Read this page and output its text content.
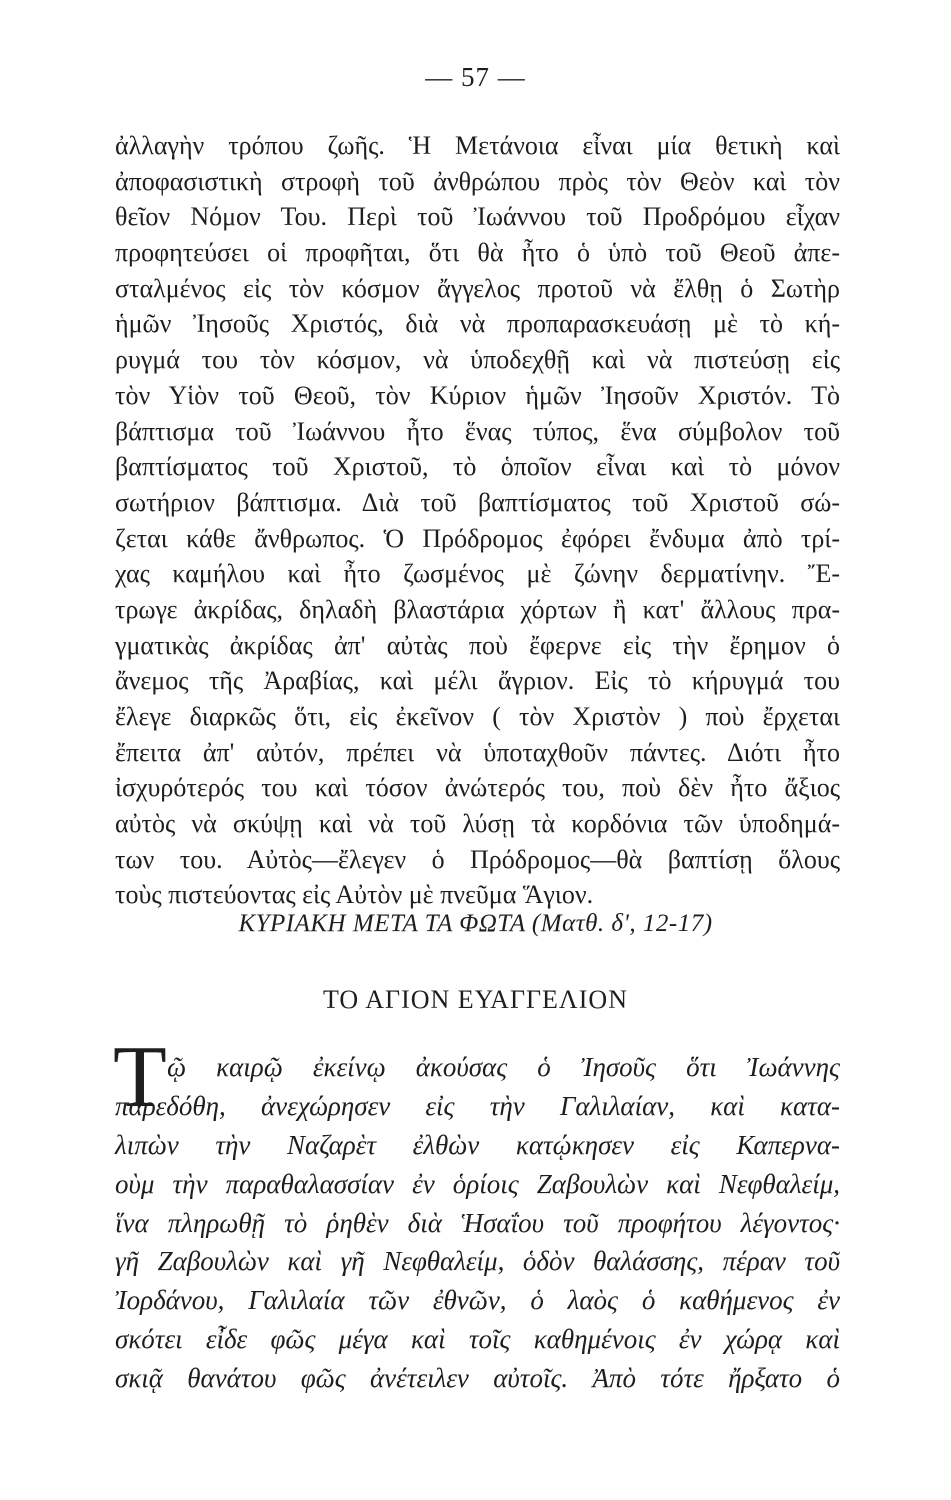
— 57 —
ἀλλαγὴν τρόπου ζωῆς. Ἡ Μετάνοια εἶναι μία θετικὴ καὶ
ἀποφασιστικὴ στροφὴ τοῦ ἀνθρώπου πρὸς τὸν Θεὸν καὶ τὸν
θεῖον Νόμον Του. Περὶ τοῦ Ἰωάννου τοῦ Προδρόμου εἶχαν
προφητεύσει οἱ προφῆται, ὅτι θὰ ἦτο ὁ ὑπὸ τοῦ Θεοῦ ἀπε-
σταλμένος εἰς τὸν κόσμον ἄγγελος προτοῦ νὰ ἔλθῃ ὁ Σωτὴρ
ἡμῶν Ἰησοῦς Χριστός, διὰ νὰ προπαρασκευάσῃ μὲ τὸ κή-
ρυγμά του τὸν κόσμον, νὰ ὑποδεχθῇ καὶ νὰ πιστεύσῃ εἰς
τὸν Υἱὸν τοῦ Θεοῦ, τὸν Κύριον ἡμῶν Ἰησοῦν Χριστόν. Τὸ
βάπτισμα τοῦ Ἰωάννου ἦτο ἕνας τύπος, ἕνα σύμβολον τοῦ
βαπτίσματος τοῦ Χριστοῦ, τὸ ὁποῖον εἶναι καὶ τὸ μόνον
σωτήριον βάπτισμα. Διὰ τοῦ βαπτίσματος τοῦ Χριστοῦ σώ-
ζεται κάθε ἄνθρωπος. Ὁ Πρόδρομος ἐφόρει ἔνδυμα ἀπὸ τρί-
χας καμήλου καὶ ἦτο ζωσμένος μὲ ζώνην δερματίνην. Ἔ-
τρωγε ἀκρίδας, δηλαδὴ βλαστάρια χόρτων ἢ κατ' ἄλλους πρα-
γματικὰς ἀκρίδας ἀπ' αὐτὰς ποὺ ἔφερνε εἰς τὴν ἔρημον ὁ
ἄνεμος τῆς Ἀραβίας, καὶ μέλι ἄγριον. Εἰς τὸ κήρυγμά του
ἔλεγε διαρκῶς ὅτι, εἰς ἐκεῖνον ( τὸν Χριστὸν ) ποὺ ἔρχεται
ἔπειτα ἀπ' αὐτόν, πρέπει νὰ ὑποταχθοῦν πάντες. Διότι ἦτο
ἰσχυρότερός του καὶ τόσον ἀνώτερός του, ποὺ δὲν ἦτο ἄξιος
αὐτὸς νὰ σκύψῃ καὶ νὰ τοῦ λύσῃ τὰ κορδόνια τῶν ὑποδημά-
των του. Αὐτὸς—ἔλεγεν ὁ Πρόδρομος—θὰ βαπτίσῃ ὅλους
τοὺς πιστεύοντας εἰς Αὐτὸν μὲ πνεῦμα Ἅγιον.
ΚΥΡΙΑΚΗ ΜΕΤΑ ΤΑ ΦΩΤΑ (Ματθ. δ', 12-17)
ΤΟ ΑΓΙΟΝ ΕΥΑΓΓΕΛΙΟΝ
Τ ῷ καιρῷ ἐκείνῳ ἀκούσας ὁ Ἰησοῦς ὅτι Ἰωάννης
παρεδόθη, ἀνεχώρησεν εἰς τὴν Γαλιλαίαν, καὶ κατα-
λιπὼν τὴν Ναζαρὲτ ἐλθὼν κατῴκησεν εἰς Καπερνα-
οὺμ τὴν παραθαλασσίαν ἐν ὁρίοις Ζαβουλὼν καὶ Νεφθαλείμ,
ἵνα πληρωθῇ τὸ ῥηθὲν διὰ Ἡσαΐου τοῦ προφήτου λέγοντος·
γῆ Ζαβουλὼν καὶ γῆ Νεφθαλείμ, ὁδὸν θαλάσσης, πέραν τοῦ
Ἰορδάνου, Γαλιλαία τῶν ἐθνῶν, ὁ λαὸς ὁ καθήμενος ἐν
σκότει εἶδε φῶς μέγα καὶ τοῖς καθημένοις ἐν χώρᾳ καὶ
σκιᾷ θανάτου φῶς ἀνέτειλεν αὐτοῖς. Ἀπὸ τότε ἤρξατο ὁ
